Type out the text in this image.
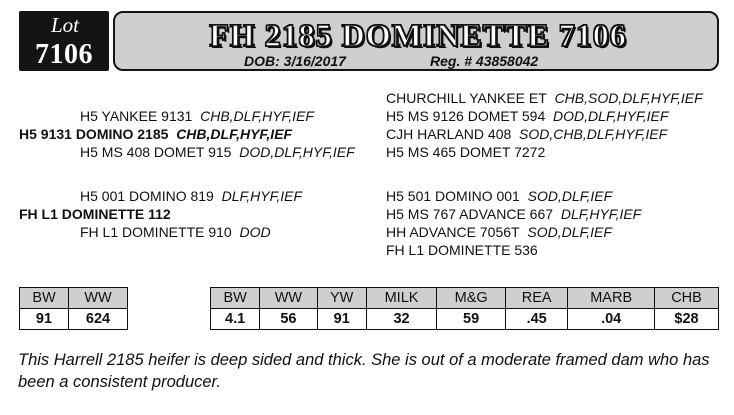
Lot
7106
FH 2185 DOMINETTE 7106
DOB: 3/16/2017	Reg. # 43858042
CHURCHILL YANKEE ET CHB,SOD,DLF,HYF,IEF
H5 YANKEE 9131 CHB,DLF,HYF,IEF	H5 MS 9126 DOMET 594 DOD,DLF,HYF,IEF
H5 9131 DOMINO 2185 CHB,DLF,HYF,IEF	CJH HARLAND 408 SOD,CHB,DLF,HYF,IEF
H5 MS 408 DOMET 915 DOD,DLF,HYF,IEF H5 MS 465 DOMET 7272
H5 001 DOMINO 819 DLF,HYF,IEF	H5 501 DOMINO 001 SOD,DLF,IEF
FH L1 DOMINETTE 112	H5 MS 767 ADVANCE 667 DLF,HYF,IEF
FH L1 DOMINETTE 910 DOD	HH ADVANCE 7056T SOD,DLF,IEF
FH L1 DOMINETTE 536
BW	WW
91	624
BW	WW	YW	MILK	M&G	REA	MARB	CHB
4.1	56	91	32	59	.45	.04	$28
This Harrell 2185 heifer is deep sided and thick. She is out of a moderate framed dam who has been a consistent producer.
